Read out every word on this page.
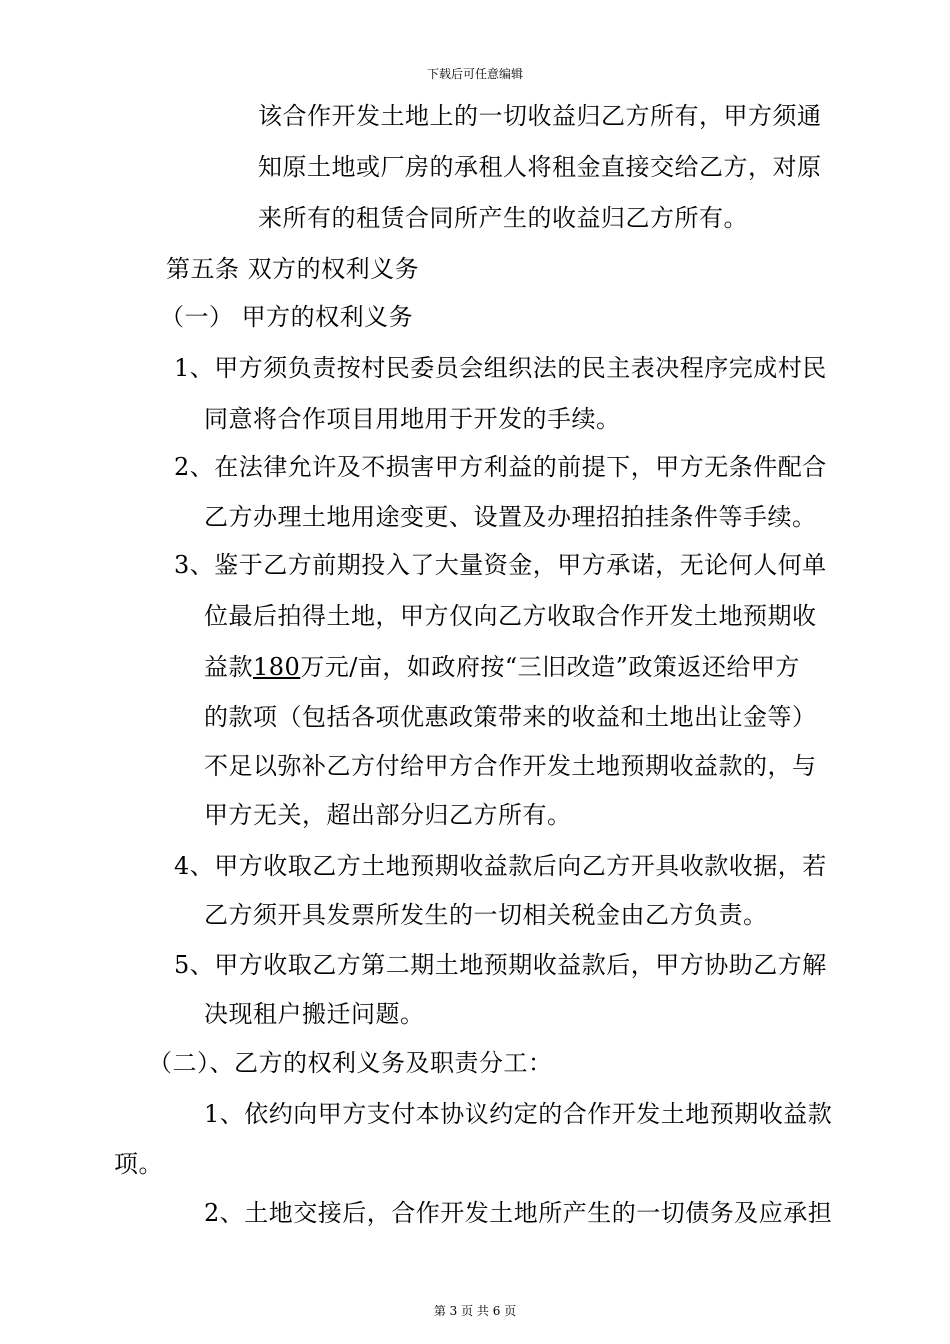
下载后可任意编辑
该合作开发土地上的一切收益归乙方所有，甲方须通
知原土地或厂房的承租人将租金直接交给乙方，对原
来所有的租赁合同所产生的收益归乙方所有。
第五条 双方的权利义务
（一） 甲方的权利义务
1、甲方须负责按村民委员会组织法的民主表决程序完成村民
同意将合作项目用地用于开发的手续。
2、在法律允许及不损害甲方利益的前提下，甲方无条件配合
乙方办理土地用途变更、设置及办理招拍挂条件等手续。
3、鉴于乙方前期投入了大量资金，甲方承诺，无论何人何单
位最后拍得土地，甲方仅向乙方收取合作开发土地预期收
益款180万元/亩，如政府按“三旧改造”政策返还给甲方
的款项（包括各项优惠政策带来的收益和土地出让金等）
不足以弥补乙方付给甲方合作开发土地预期收益款的，与
甲方无关，超出部分归乙方所有。
4、甲方收取乙方土地预期收益款后向乙方开具收款收据，若
乙方须开具发票所发生的一切相关税金由乙方负责。
5、甲方收取乙方第二期土地预期收益款后，甲方协助乙方解
决现租户搬迁问题。
（二）、乙方的权利义务及职责分工：
1、依约向甲方支付本协议约定的合作开发土地预期收益款
项。
2、土地交接后，合作开发土地所产生的一切债务及应承担
第 3 页 共 6 页
